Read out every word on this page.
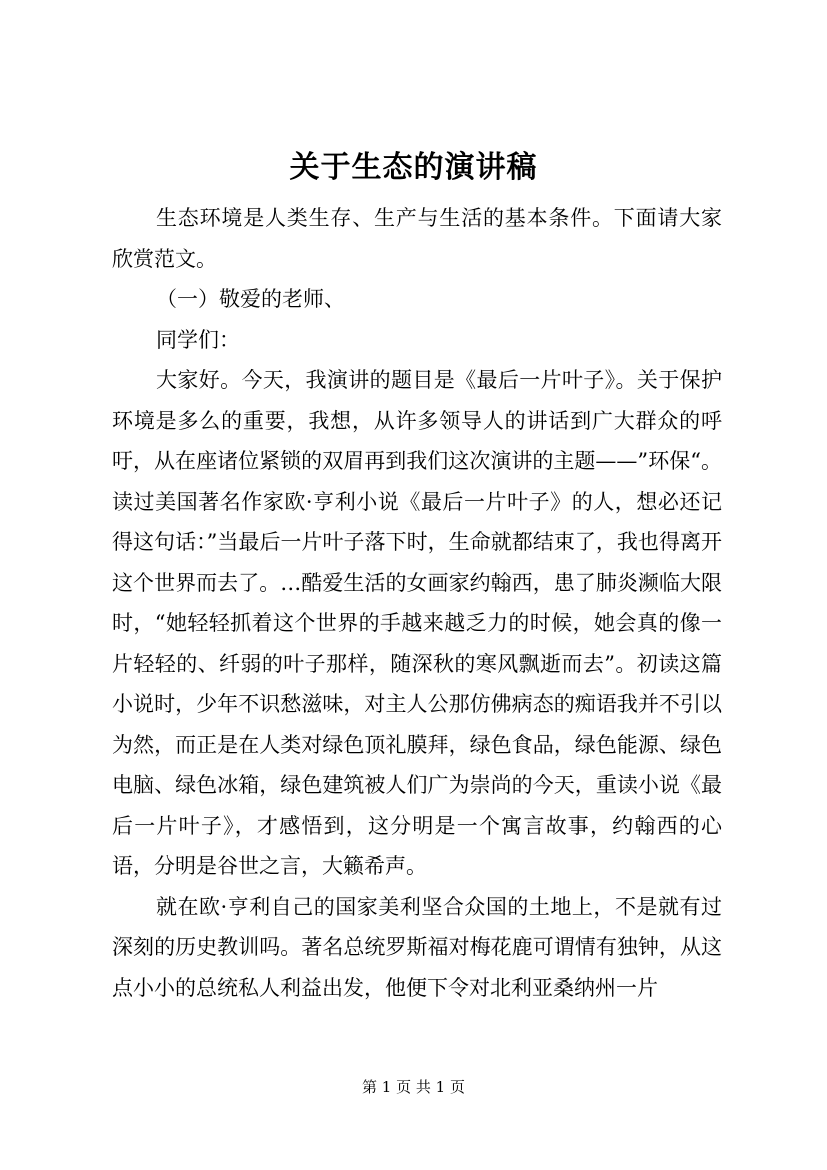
关于生态的演讲稿

生态环境是人类生存、生产与生活的基本条件。下面请大家欣赏范文。

（一）敬爱的老师、

同学们：

大家好。今天，我演讲的题目是《最后一片叶子》。关于保护环境是多么的重要，我想，从许多领导人的讲话到广大群众的呼吁，从在座诸位紧锁的双眉再到我们这次演讲的主题——”环保“。读过美国著名作家欧·亨利小说《最后一片叶子》的人，想必还记得这句话：”当最后一片叶子落下时，生命就都结束了，我也得离开这个世界而去了。…酷爱生活的女画家约翰西，患了肺炎濒临大限时，“她轻轻抓着这个世界的手越来越乏力的时候，她会真的像一片轻轻的、纤弱的叶子那样，随深秋的寒风飘逝而去”。初读这篇小说时，少年不识愁滋味，对主人公那仿佛病态的痴语我并不引以为然，而正是在人类对绿色顶礼膜拜，绿色食品，绿色能源、绿色电脑、绿色冰箱，绿色建筑被人们广为崇尚的今天，重读小说《最后一片叶子》，才感悟到，这分明是一个寓言故事，约翰西的心语，分明是谷世之言，大籁希声。

就在欧·亨利自己的国家美利坚合众国的土地上，不是就有过深刻的历史教训吗。著名总统罗斯福对梅花鹿可谓情有独钟，从这点小小的总统私人利益出发，他便下令对北利亚桑纳州一片

第 1 页 共 1 页
